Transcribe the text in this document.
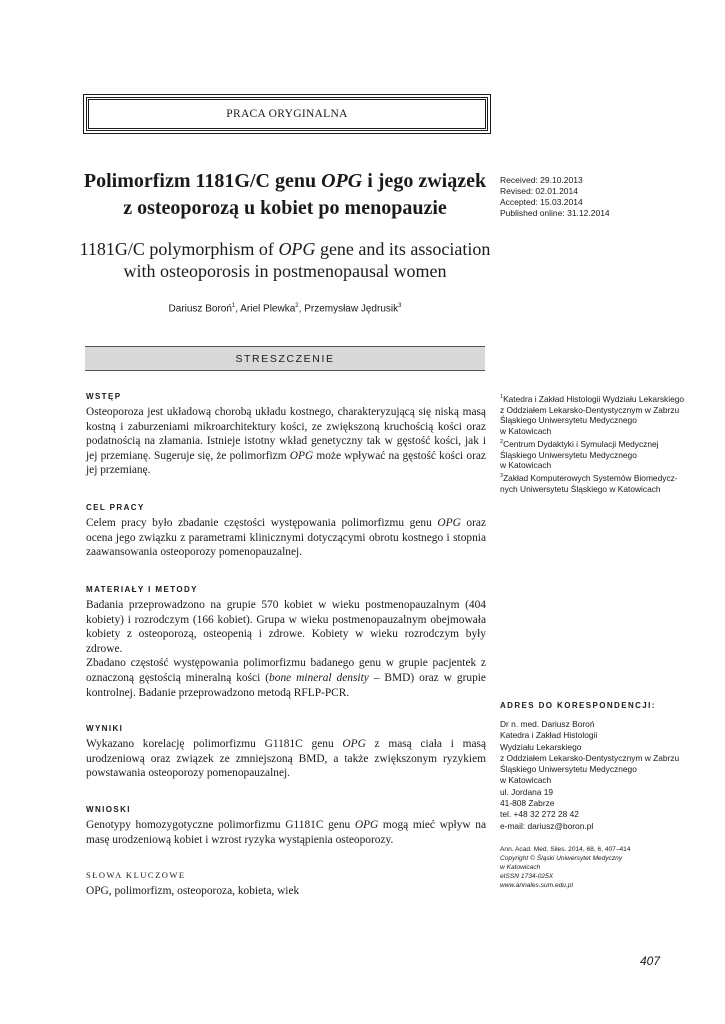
PRACA ORYGINALNA
Polimorfizm 1181G/C genu OPG i jego związek
z osteoporozą u kobiet po menopauzie
1181G/C polymorphism of OPG gene and its association
with osteoporosis in postmenopausal women
Dariusz Boroń$^1$, Ariel Plewka$^2$, Przemysław Jędrusik$^3$
Received: 29.10.2013
Revised: 02.01.2014
Accepted: 15.03.2014
Published online: 31.12.2014
STRESZCZENIE
WSTĘP
Osteoporoza jest układową chorobą układu kostnego, charakteryzującą się niską masą kostną i zaburzeniami mikroarchitektury kości, ze zwiększoną kruchością kości oraz podatnością na złamania. Istnieje istotny wkład genetyczny tak w gęstość kości, jak i jej przemianę. Sugeruje się, że polimorfizm OPG może wpływać na gęstość kości oraz jej przemianę.
CEL PRACY
Celem pracy było zbadanie częstości występowania polimorfizmu genu OPG oraz ocena jego związku z parametrami klinicznymi dotyczącymi obrotu kostnego i stopnia zaawansowania osteoporozy pomenopauzalnej.
MATERIAŁY I METODY

Badania przeprowadzono na grupie 570 kobiet w wieku postmenopauzalnym (404 kobiety) i rozrodczym (166 kobiet). Grupa w wieku postmenopauzalnym obejmowała kobiety z osteoporozą, osteopenią i zdrowe. Kobiety w wieku rozrodczym były zdrowe.

Zbadano częstość występowania polimorfizmu badanego genu w grupie pacjentek z oznaczoną gęstością mineralną kości (bone mineral density – BMD) oraz w grupie kontrolnej. Badanie przeprowadzono metodą RFLP-PCR.

WYNIKI
Wykazano korelację polimorfizmu G1181C genu OPG z masą ciała i masą urodzeniową oraz związek ze zmniejszoną BMD, a także zwiększonym ryzykiem powstawania osteoporozy pomenopauzalnej.
WNIOSKI
Genotypy homozygotyczne polimorfizmu G1181C genu OPG mogą mieć wpływ na masę urodzeniową kobiet i wzrost ryzyka wystąpienia osteoporozy.
SŁOWA KLUCZOWE
OPG, polimorfizm, osteoporoza, kobieta, wiek
$^1$Katedra i Zakład Histologii Wydziału Lekarskiego
z Oddziałem Lekarsko-Dentystycznym w Zabrzu
Śląskiego Uniwersytetu Medycznego
w Katowicach
$^2$Centrum Dydaktyki i Symulacji Medycznej
Śląskiego Uniwersytetu Medycznego
w Katowicach
$^3$Zakład Komputerowych Systemów Biomedycz-
nych Uniwersytetu Śląskiego w Katowicach
ADRES DO KORESPONDENCJI:
Dr n. med. Dariusz Boroń
Katedra i Zakład Histologii
Wydziału Lekarskiego
z Oddziałem Lekarsko-Dentystycznym w Zabrzu
Śląskiego Uniwersytetu Medycznego
w Katowicach
ul. Jordana 19
41-808 Zabrze
tel. +48 32 272 28 42
e-mail: dariusz@boron.pl
Ann. Acad. Med. Siles. 2014, 68, 6, 407–414
Copyright © Śląski Uniwersytet Medyczny
w Katowicach
eISSN 1734-025X
www.annales.sum.edu.pl
407
